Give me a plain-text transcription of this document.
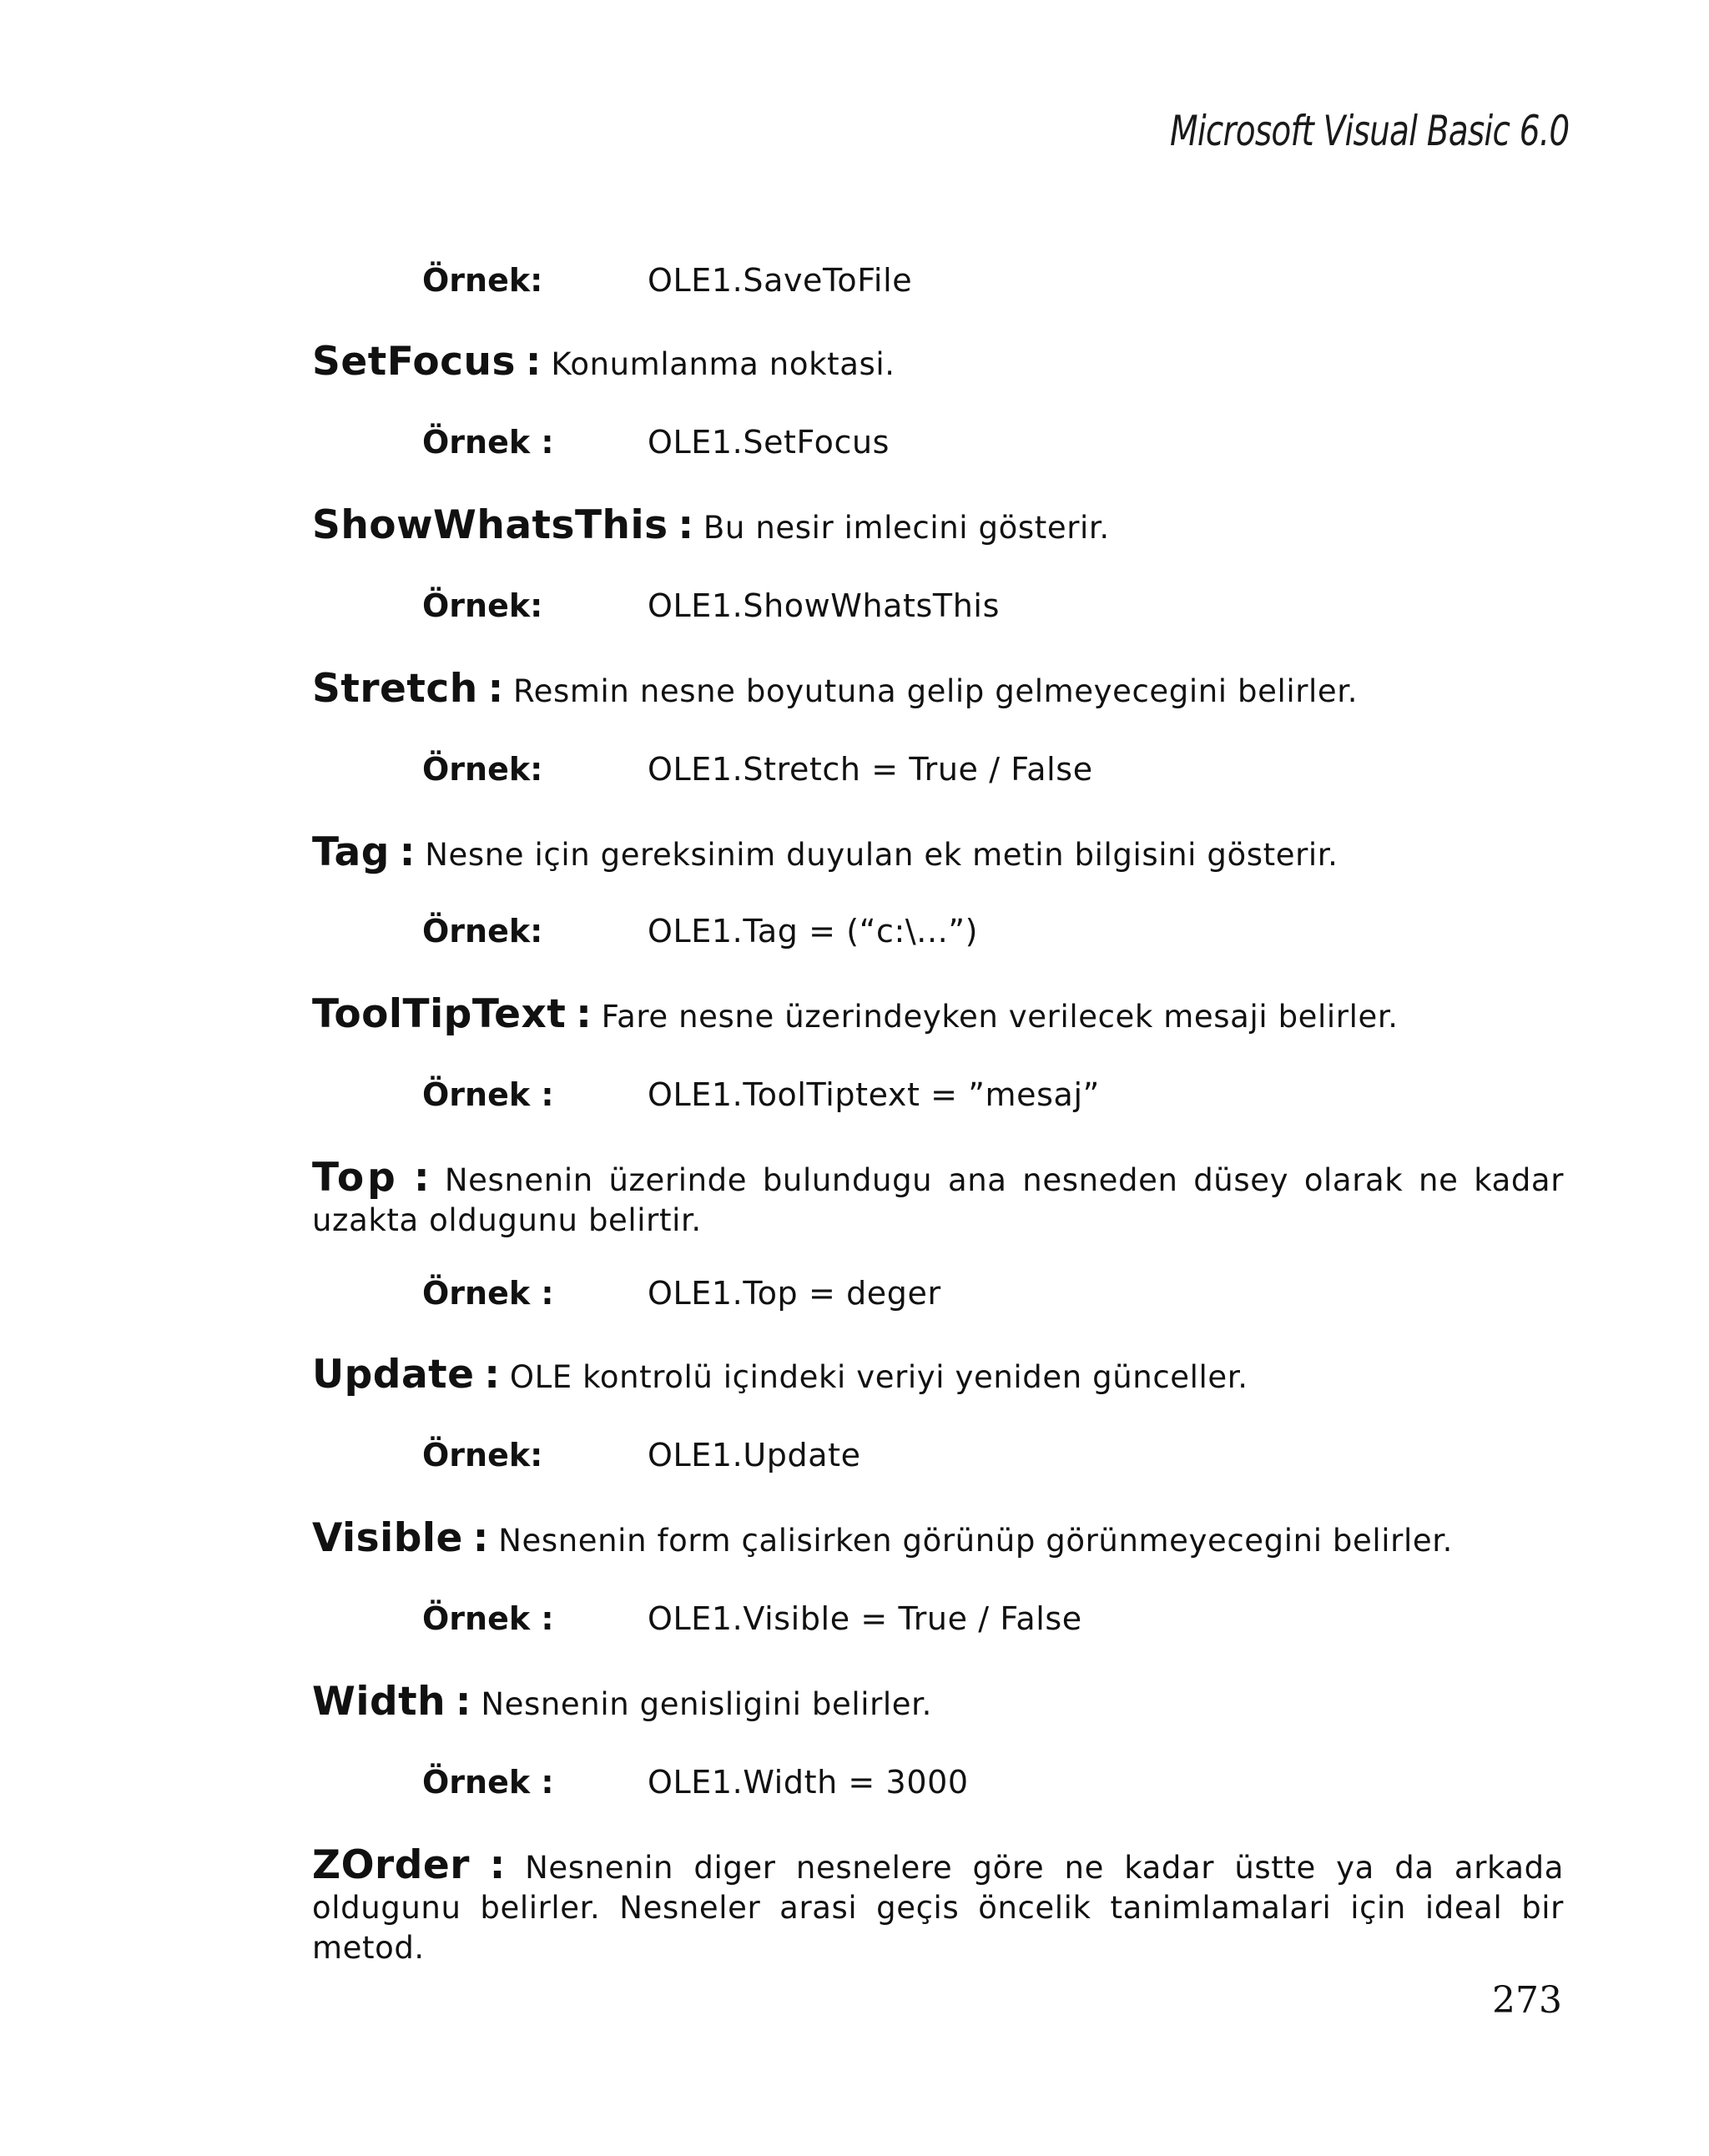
Microsoft Visual Basic 6.0
Örnek:	OLE1.SaveToFile
SetFocus : Konumlanma noktasi.
Örnek :	OLE1.SetFocus
ShowWhatsThis : Bu nesir imlecini gösterir.
Örnek:	OLE1.ShowWhatsThis
Stretch : Resmin nesne boyutuna gelip gelmeyecegini belirler.
Örnek:	OLE1.Stretch = True / False
Tag : Nesne için gereksinim duyulan ek metin bilgisini gösterir.
Örnek:	OLE1.Tag = (“c:\...”)
ToolTipText : Fare nesne üzerindeyken verilecek mesaji belirler.
Örnek :	OLE1.ToolTiptext = ”mesaj”
Top : Nesnenin üzerinde bulundugu ana nesneden düsey olarak ne kadar uzakta oldugunu belirtir.
Örnek :	OLE1.Top = deger
Update : OLE kontrolü içindeki veriyi yeniden günceller.
Örnek:	OLE1.Update
Visible : Nesnenin form çalisirken görünüp görünmeyecegini belirler.
Örnek :	OLE1.Visible = True / False
Width : Nesnenin genisligini belirler.
Örnek :	OLE1.Width = 3000
ZOrder : Nesnenin diger nesnelere göre ne kadar üstte ya da arkada oldugunu belirler. Nesneler arasi geçis öncelik tanimlamalari için ideal bir metod.
273
